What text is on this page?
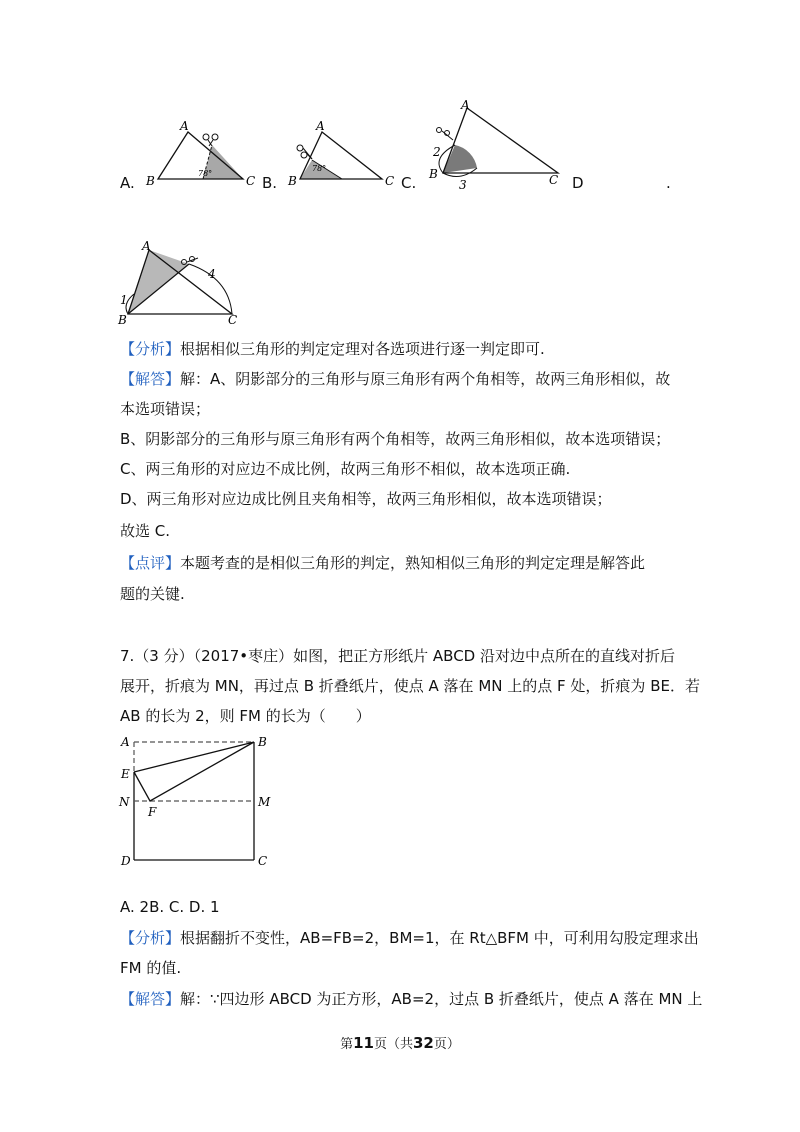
A.	B.	C.	D	.
A
B	C
78°
A
B	C
78°
A
B	C
2
3
A
B	C
1
4
【分析】根据相似三角形的判定定理对各选项进行逐一判定即可.
【解答】解：A、阴影部分的三角形与原三角形有两个角相等，故两三角形相似，故
本选项错误；
B、阴影部分的三角形与原三角形有两个角相等，故两三角形相似，故本选项错误；
C、两三角形的对应边不成比例，故两三角形不相似，故本选项正确.
D、两三角形对应边成比例且夹角相等，故两三角形相似，故本选项错误；
故选 C.
【点评】本题考查的是相似三角形的判定，熟知相似三角形的判定定理是解答此
题的关键.
7.（3 分）（2017•枣庄）如图，把正方形纸片 ABCD 沿对边中点所在的直线对折后
展开，折痕为 MN，再过点 B 折叠纸片，使点 A 落在 MN 上的点 F 处，折痕为 BE．若
AB 的长为 2，则 FM 的长为（　　）
A	B
D	C
E
F
N	M
A. 2B. C. D. 1
【分析】根据翻折不变性，AB=FB=2，BM=1，在 Rt△BFM 中，可利用勾股定理求出
FM 的值.
【解答】解：∵四边形 ABCD 为正方形，AB=2，过点 B 折叠纸片，使点 A 落在 MN 上
第11页（共32页）
